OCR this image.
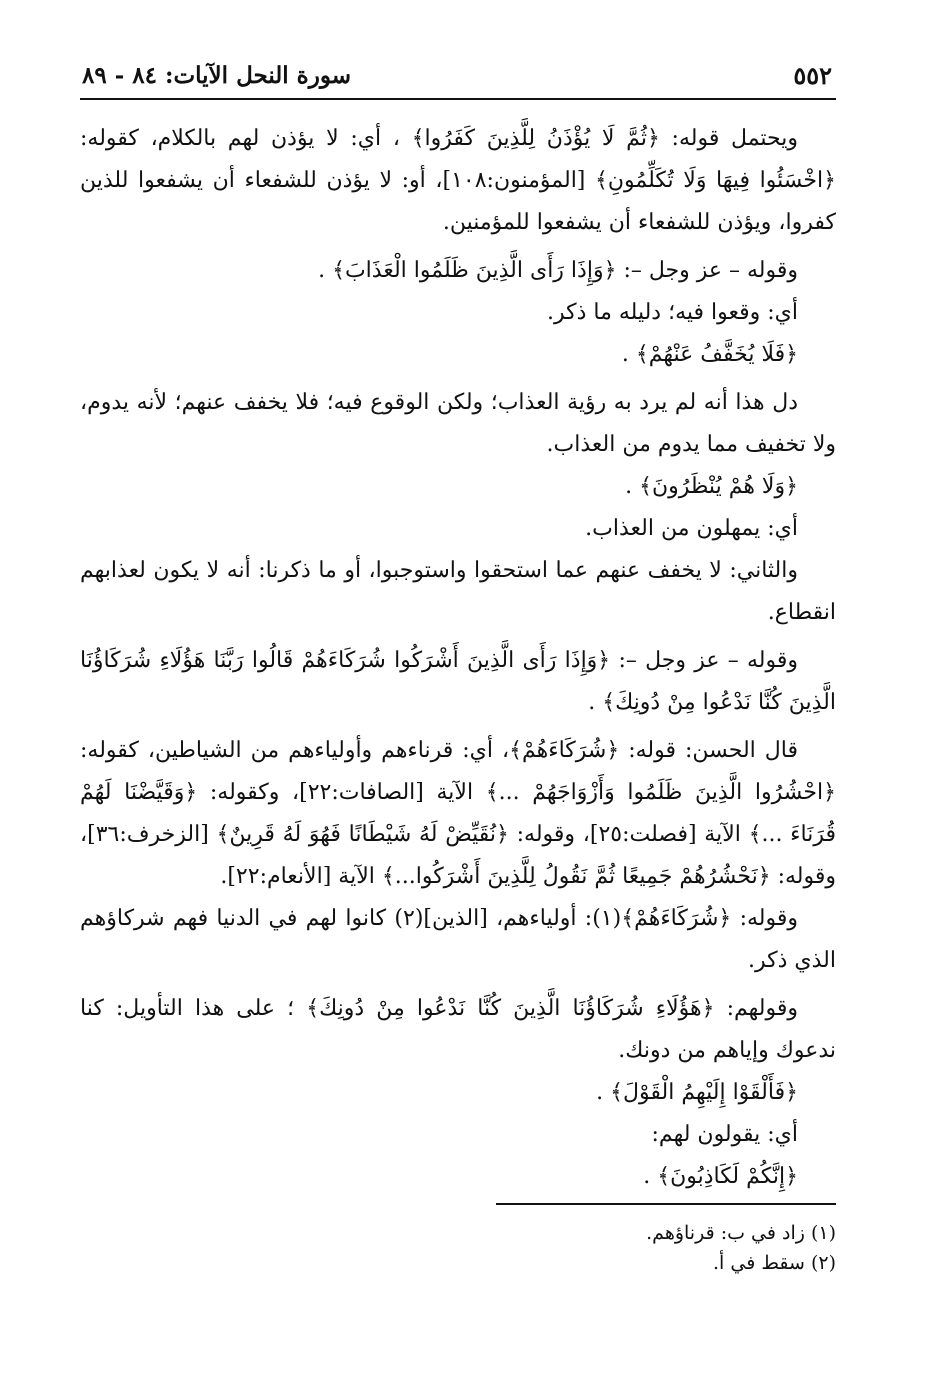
٥٥٢
سورة النحل الآيات: ٨٤ - ٨٩

ويحتمل قوله: ﴿ثُمَّ لَا يُؤْذَنُ لِلَّذِينَ كَفَرُوا﴾ ، أي: لا يؤذن لهم بالكلام، كقوله: ﴿اخْسَئُوا فِيهَا وَلَا تُكَلِّمُونِ﴾ [المؤمنون:١٠٨]، أو: لا يؤذن للشفعاء أن يشفعوا للذين كفروا، ويؤذن للشفعاء أن يشفعوا للمؤمنين.

وقوله – عز وجل –: ﴿وَإِذَا رَأَى الَّذِينَ ظَلَمُوا الْعَذَابَ﴾ .

أي: وقعوا فيه؛ دليله ما ذكر.

﴿فَلَا يُخَفَّفُ عَنْهُمْ﴾ .

دل هذا أنه لم يرد به رؤية العذاب؛ ولكن الوقوع فيه؛ فلا يخفف عنهم؛ لأنه يدوم، ولا تخفيف مما يدوم من العذاب.

﴿وَلَا هُمْ يُنْظَرُونَ﴾ .

أي: يمهلون من العذاب.

والثاني: لا يخفف عنهم عما استحقوا واستوجبوا، أو ما ذكرنا: أنه لا يكون لعذابهم انقطاع.

وقوله – عز وجل –: ﴿وَإِذَا رَأَى الَّذِينَ أَشْرَكُوا شُرَكَاءَهُمْ قَالُوا رَبَّنَا هَؤُلَاءِ شُرَكَاؤُنَا الَّذِينَ كُنَّا نَدْعُوا مِنْ دُونِكَ﴾ .

قال الحسن: قوله: ﴿شُرَكَاءَهُمْ﴾، أي: قرناءهم وأولياءهم من الشياطين، كقوله: ﴿احْشُرُوا الَّذِينَ ظَلَمُوا وَأَزْوَاجَهُمْ ...﴾ الآية [الصافات:٢٢]، وكقوله: ﴿وَقَيَّضْنَا لَهُمْ قُرَنَاءَ ...﴾ الآية [فصلت:٢٥]، وقوله: ﴿نُقَيِّضْ لَهُ شَيْطَانًا فَهُوَ لَهُ قَرِينٌ﴾ [الزخرف:٣٦]، وقوله: ﴿نَحْشُرُهُمْ جَمِيعًا ثُمَّ نَقُولُ لِلَّذِينَ أَشْرَكُوا...﴾ الآية [الأنعام:٢٢].

وقوله: ﴿شُرَكَاءَهُمْ﴾(١): أولياءهم، [الذين](٢) كانوا لهم في الدنيا فهم شركاؤهم الذي ذكر.

وقولهم: ﴿هَؤُلَاءِ شُرَكَاؤُنَا الَّذِينَ كُنَّا نَدْعُوا مِنْ دُونِكَ﴾ ؛ على هذا التأويل: كنا ندعوك وإياهم من دونك.

﴿فَأَلْقَوْا إِلَيْهِمُ الْقَوْلَ﴾ .

أي: يقولون لهم:

﴿إِنَّكُمْ لَكَاذِبُونَ﴾ .

(١) زاد في ب: قرناؤهم.

(٢) سقط في أ.
